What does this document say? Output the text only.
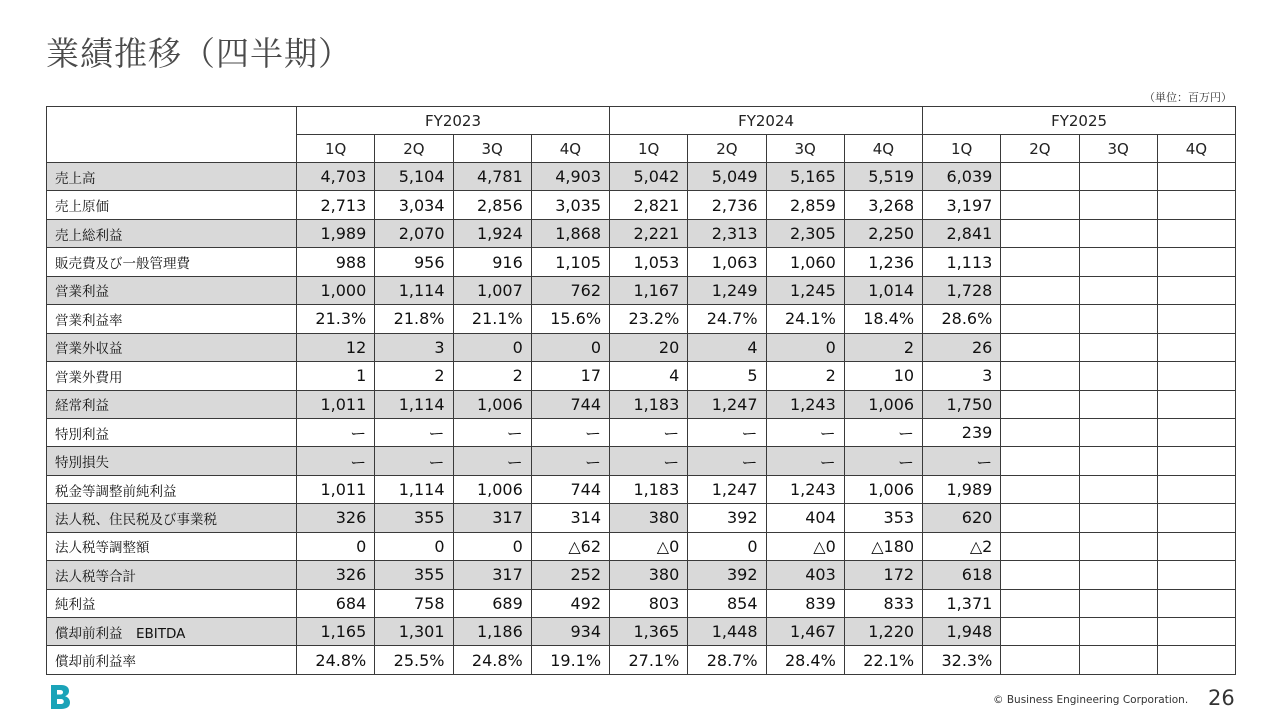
業績推移（四半期）
（単位：百万円）
	FY2023				FY2024				FY2025			
	1Q	2Q	3Q	4Q	1Q	2Q	3Q	4Q	1Q	2Q	3Q	4Q
売上高	4,703	5,104	4,781	4,903	5,042	5,049	5,165	5,519	6,039			
売上原価	2,713	3,034	2,856	3,035	2,821	2,736	2,859	3,268	3,197			
売上総利益	1,989	2,070	1,924	1,868	2,221	2,313	2,305	2,250	2,841			
販売費及び一般管理費	988	956	916	1,105	1,053	1,063	1,060	1,236	1,113			
営業利益	1,000	1,114	1,007	762	1,167	1,249	1,245	1,014	1,728			
営業利益率	21.3%	21.8%	21.1%	15.6%	23.2%	24.7%	24.1%	18.4%	28.6%			
営業外収益	12	3	0	0	20	4	0	2	26			
営業外費用	1	2	2	17	4	5	2	10	3			
経常利益	1,011	1,114	1,006	744	1,183	1,247	1,243	1,006	1,750			
特別利益	ー	ー	ー	ー	ー	ー	ー	ー	239			
特別損失	ー	ー	ー	ー	ー	ー	ー	ー	ー			
税金等調整前純利益	1,011	1,114	1,006	744	1,183	1,247	1,243	1,006	1,989			
法人税、住民税及び事業税	326	355	317	314	380	392	404	353	620			
法人税等調整額	0	0	0	△62	△0	0	△0	△180	△2			
法人税等合計	326	355	317	252	380	392	403	172	618			
純利益	684	758	689	492	803	854	839	833	1,371			
償却前利益　EBITDA	1,165	1,301	1,186	934	1,365	1,448	1,467	1,220	1,948			
償却前利益率	24.8%	25.5%	24.8%	19.1%	27.1%	28.7%	28.4%	22.1%	32.3%			
© Business Engineering Corporation. 26
